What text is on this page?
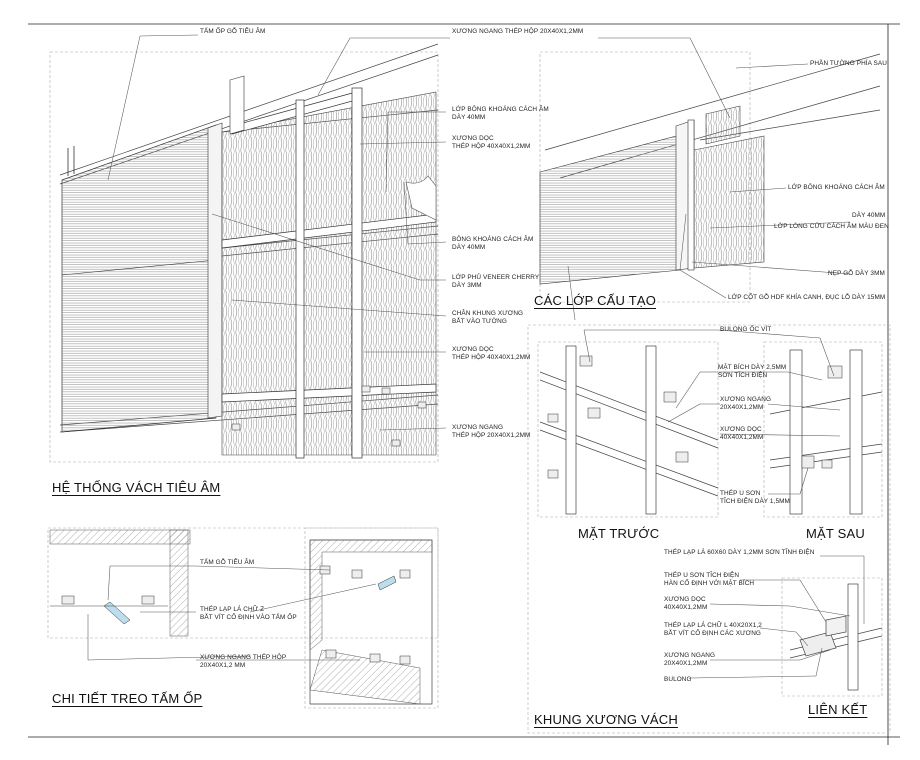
TẤM ỐP GỖ TIÊU ÂM	XƯƠNG NGANG THÉP HỘP 20X40X1,2MM
PHẦN TƯỜNG PHÍA SAU
LỚP BÔNG KHOÁNG CÁCH ÂM
DÀY 40MM
XƯƠNG DỌC
THÉP HỘP 40X40X1,2MM
BÔNG KHOÁNG CÁCH ÂM
DÀY 40MM
LỚP PHỦ VENEER CHERRY
DÀY 3MM
CHÂN KHUNG XƯƠNG
BẮT VÀO TƯỜNG
XƯƠNG DỌC
THÉP HỘP 40X40X1,2MM
XƯƠNG NGANG
THÉP HỘP 20X40X1,2MM
LỚP BÔNG KHOÁNG CÁCH ÂM
DÀY 40MM
LỚP LÓNG CỬU CÁCH ÂM MÀU ĐEN
NẸP GỖ DÀY 3MM
LỚP CỐT GỖ HDF KHÍA CANH, ĐỤC LỖ DÀY 15MM
BULONG ỐC VÍT
MẶT BÍCH DÀY 2,5MM
SƠN TĨCH ĐIỆN
XƯƠNG NGANG
20X40X1,2MM
XƯƠNG DỌC
40X40X1,2MM
THÉP U SƠN
TĨCH ĐIỆN DÀY 1,5MM
TẤM GỖ TIÊU ÂM
THÉP LẠP LÁ CHỮ Z
BẮT VÍT CỐ ĐỊNH VÀO TẤM ỐP
XƯƠNG NGANG THÉP HỘP
20X40X1,2 MM
THÉP LẠP LÁ 60X60 DÀY 1,2MM SƠN TĨNH ĐIỆN
THÉP U SƠN TĨCH ĐIỆN
HÀN CỐ ĐỊNH VỚI MẶT BÍCH
XƯƠNG DỌC
40X40X1,2MM
THÉP LẠP LÁ CHỮ L 40X20X1,2
BẮT VÍT CỐ ĐỊNH CÁC XƯƠNG
XƯƠNG NGANG
20X40X1,2MM
BULONG
HỆ THỐNG VÁCH TIÊU ÂM
CÁC LỚP CẤU TẠO
CHI TIẾT TREO TẤM ỐP
KHUNG XƯƠNG VÁCH
MẶT TRƯỚC	MẶT SAU
LIÊN KẾT
